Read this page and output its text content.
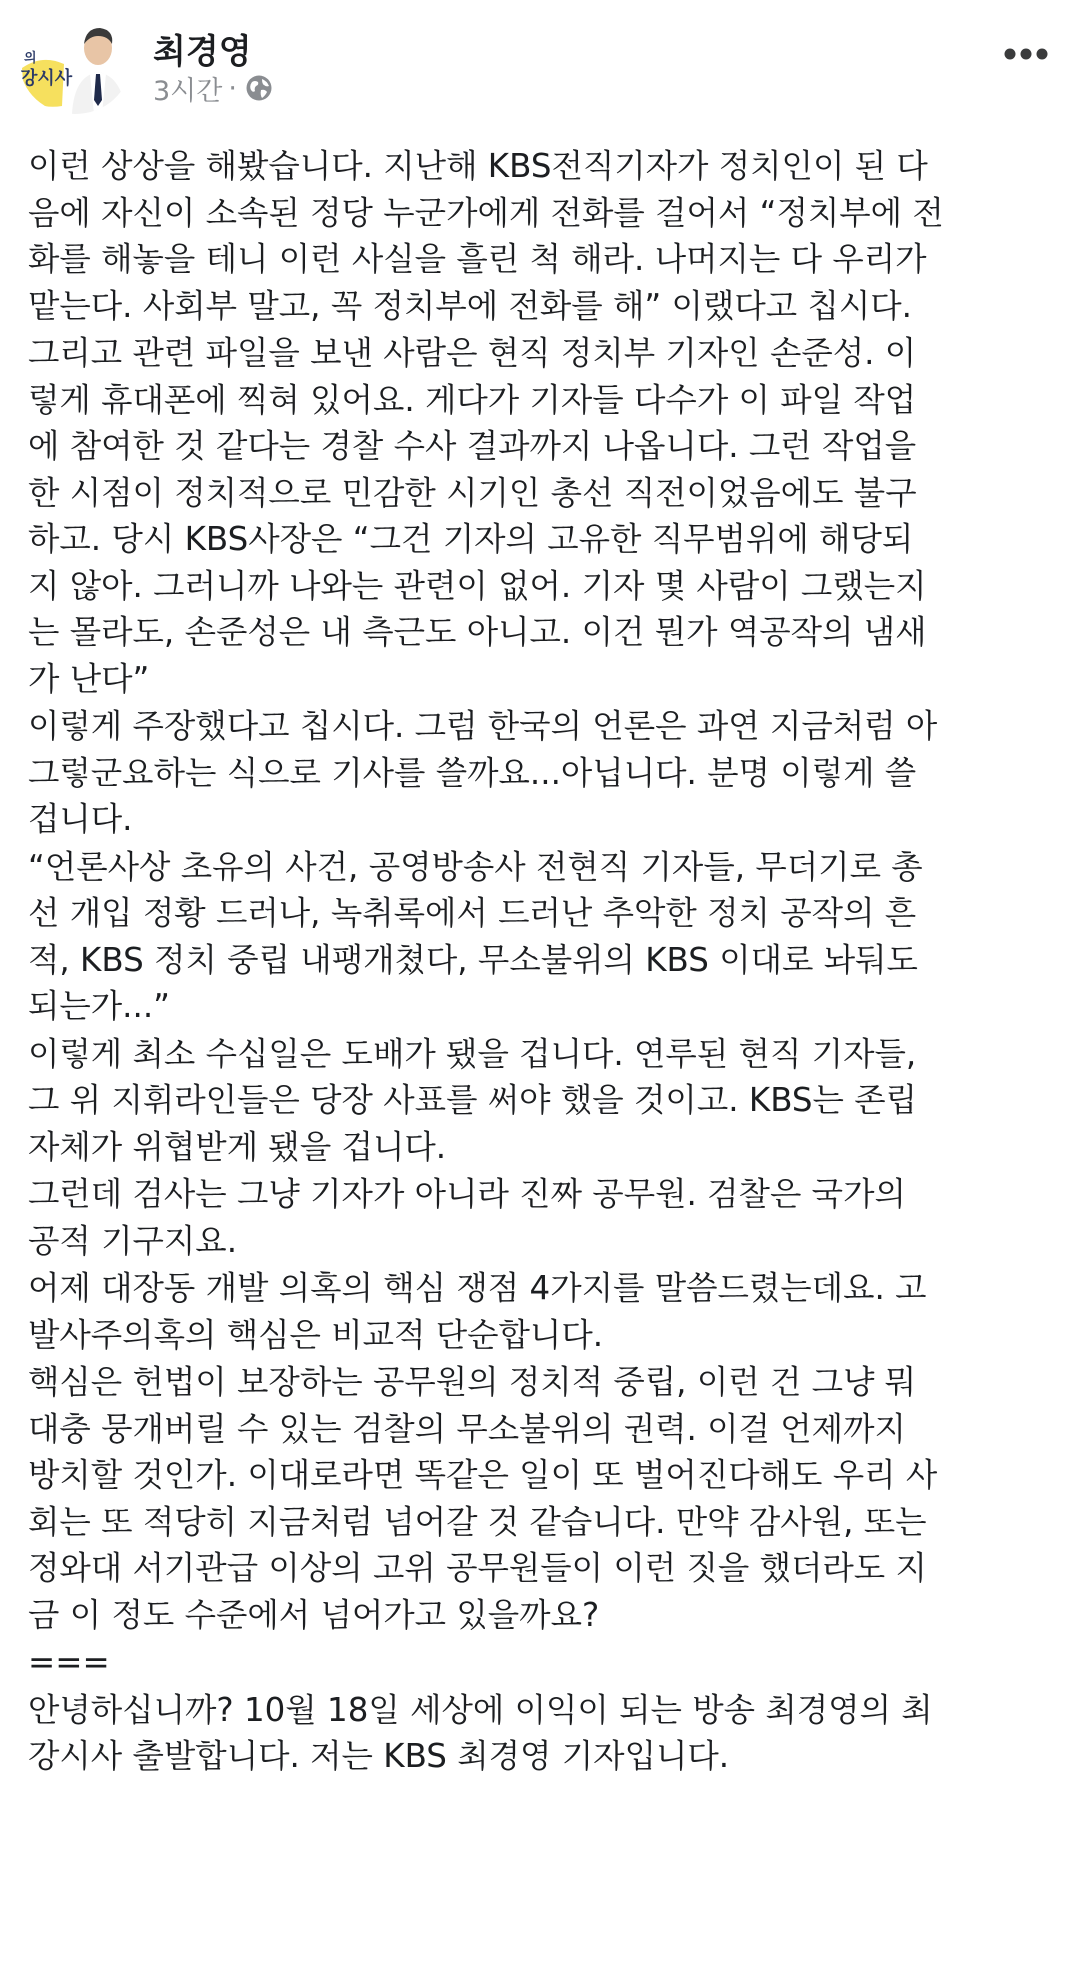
의
강시사
최경영
3시간 ·

이런 상상을 해봤습니다. 지난해 KBS전직기자가 정치인이 된 다
음에 자신이 소속된 정당 누군가에게 전화를 걸어서 “정치부에 전
화를 해놓을 테니 이런 사실을 흘린 척 해라. 나머지는 다 우리가
맡는다. 사회부 말고, 꼭 정치부에 전화를 해” 이랬다고 칩시다.

그리고 관련 파일을 보낸 사람은 현직 정치부 기자인 손준성. 이
렇게 휴대폰에 찍혀 있어요. 게다가 기자들 다수가 이 파일 작업
에 참여한 것 같다는 경찰 수사 결과까지 나옵니다. 그런 작업을
한 시점이 정치적으로 민감한 시기인 총선 직전이었음에도 불구
하고. 당시 KBS사장은 “그건 기자의 고유한 직무범위에 해당되
지 않아. 그러니까 나와는 관련이 없어. 기자 몇 사람이 그랬는지
는 몰라도, 손준성은 내 측근도 아니고. 이건 뭔가 역공작의 냄새
가 난다”

이렇게 주장했다고 칩시다. 그럼 한국의 언론은 과연 지금처럼 아
그렇군요하는 식으로 기사를 쓸까요...아닙니다. 분명 이렇게 쓸
겁니다.

“언론사상 초유의 사건, 공영방송사 전현직 기자들, 무더기로 총
선 개입 정황 드러나, 녹취록에서 드러난 추악한 정치 공작의 흔
적, KBS 정치 중립 내팽개쳤다, 무소불위의 KBS 이대로 놔둬도
되는가...”

이렇게 최소 수십일은 도배가 됐을 겁니다. 연루된 현직 기자들,
그 위 지휘라인들은 당장 사표를 써야 했을 것이고. KBS는 존립
자체가 위협받게 됐을 겁니다.

그런데 검사는 그냥 기자가 아니라 진짜 공무원. 검찰은 국가의
공적 기구지요.

어제 대장동 개발 의혹의 핵심 쟁점 4가지를 말씀드렸는데요. 고
발사주의혹의 핵심은 비교적 단순합니다.

핵심은 헌법이 보장하는 공무원의 정치적 중립, 이런 건 그냥 뭐
대충 뭉개버릴 수 있는 검찰의 무소불위의 권력. 이걸 언제까지
방치할 것인가. 이대로라면 똑같은 일이 또 벌어진다해도 우리 사
회는 또 적당히 지금처럼 넘어갈 것 같습니다. 만약 감사원, 또는
정와대 서기관급 이상의 고위 공무원들이 이런 짓을 했더라도 지
금 이 정도 수준에서 넘어가고 있을까요?

===

안녕하십니까? 10월 18일 세상에 이익이 되는 방송 최경영의 최
강시사 출발합니다. 저는 KBS 최경영 기자입니다.
